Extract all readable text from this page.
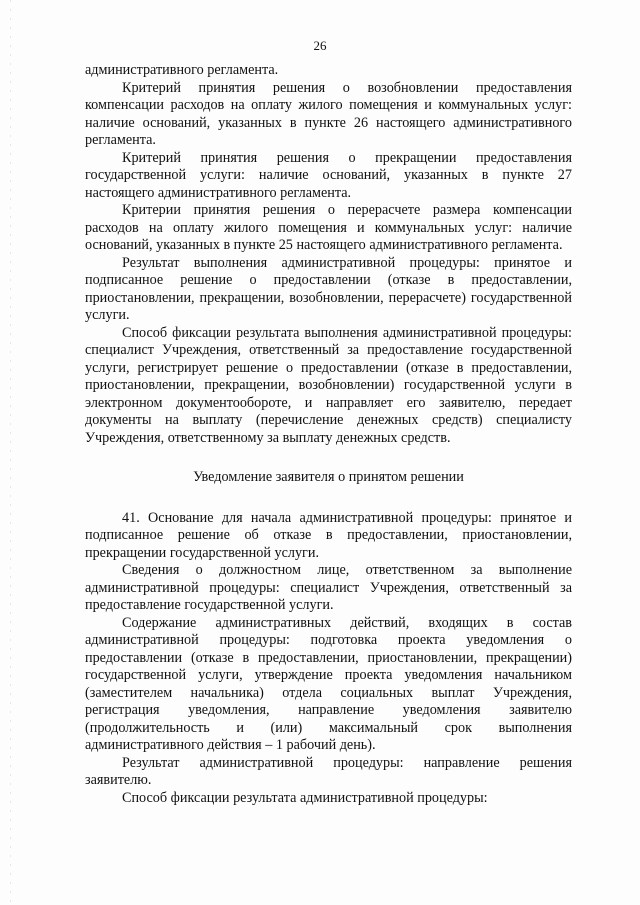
26

административного регламента.

Критерий принятия решения о возобновлении предоставления компенсации расходов на оплату жилого помещения и коммунальных услуг: наличие оснований, указанных в пункте 26 настоящего административного регламента.

Критерий принятия решения о прекращении предоставления государственной услуги: наличие оснований, указанных в пункте 27 настоящего административного регламента.

Критерии принятия решения о перерасчете размера компенсации расходов на оплату жилого помещения и коммунальных услуг: наличие оснований, указанных в пункте 25 настоящего административного регламента.

Результат выполнения административной процедуры: принятое и подписанное решение о предоставлении (отказе в предоставлении, приостановлении, прекращении, возобновлении, перерасчете) государственной услуги.

Способ фиксации результата выполнения административной процедуры: специалист Учреждения, ответственный за предоставление государственной услуги, регистрирует решение о предоставлении (отказе в предоставлении, приостановлении, прекращении, возобновлении) государственной услуги в электронном документообороте, и направляет его заявителю, передает документы на выплату (перечисление денежных средств) специалисту Учреждения, ответственному за выплату денежных средств.

Уведомление заявителя о принятом решении

41. Основание для начала административной процедуры: принятое и подписанное решение об отказе в предоставлении, приостановлении, прекращении государственной услуги.

Сведения о должностном лице, ответственном за выполнение административной процедуры: специалист Учреждения, ответственный за предоставление государственной услуги.

Содержание административных действий, входящих в состав административной процедуры: подготовка проекта уведомления о предоставлении (отказе в предоставлении, приостановлении, прекращении) государственной услуги, утверждение проекта уведомления начальником (заместителем начальника) отдела социальных выплат Учреждения, регистрация уведомления, направление уведомления заявителю (продолжительность и (или) максимальный срок выполнения административного действия – 1 рабочий день).

Результат административной процедуры: направление решения заявителю.

Способ фиксации результата административной процедуры:
